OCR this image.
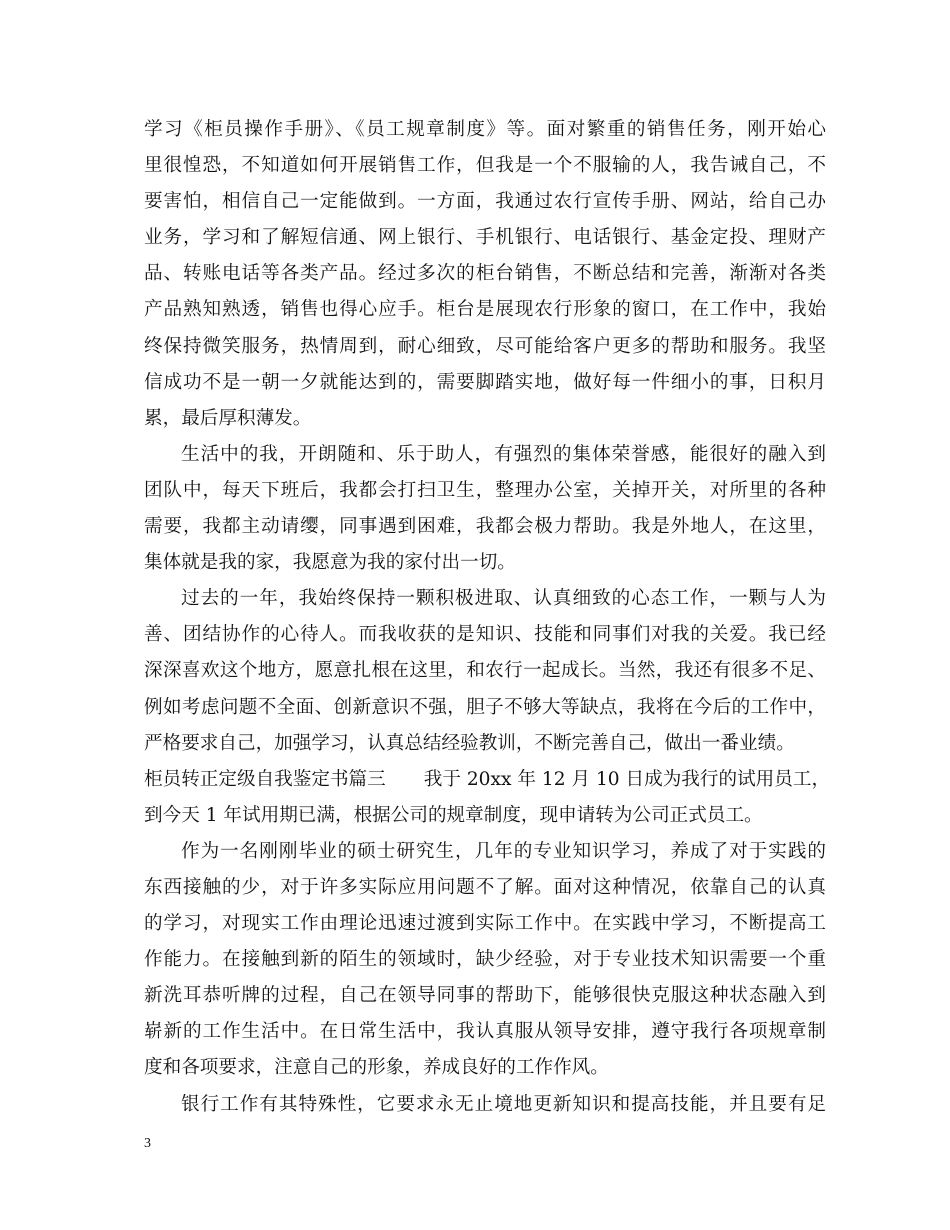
学习《柜员操作手册》、《员工规章制度》等。面对繁重的销售任务，刚开始心
里很惶恐，不知道如何开展销售工作，但我是一个不服输的人，我告诫自己，不
要害怕，相信自己一定能做到。一方面，我通过农行宣传手册、网站，给自己办
业务，学习和了解短信通、网上银行、手机银行、电话银行、基金定投、理财产
品、转账电话等各类产品。经过多次的柜台销售，不断总结和完善，渐渐对各类
产品熟知熟透，销售也得心应手。柜台是展现农行形象的窗口，在工作中，我始
终保持微笑服务，热情周到，耐心细致，尽可能给客户更多的帮助和服务。我坚
信成功不是一朝一夕就能达到的，需要脚踏实地，做好每一件细小的事，日积月
累，最后厚积薄发。
生活中的我，开朗随和、乐于助人，有强烈的集体荣誉感，能很好的融入到
团队中，每天下班后，我都会打扫卫生，整理办公室，关掉开关，对所里的各种
需要，我都主动请缨，同事遇到困难，我都会极力帮助。我是外地人，在这里，
集体就是我的家，我愿意为我的家付出一切。
过去的一年，我始终保持一颗积极进取、认真细致的心态工作，一颗与人为
善、团结协作的心待人。而我收获的是知识、技能和同事们对我的关爱。我已经
深深喜欢这个地方，愿意扎根在这里，和农行一起成长。当然，我还有很多不足、
例如考虑问题不全面、创新意识不强，胆子不够大等缺点，我将在今后的工作中，
严格要求自己，加强学习，认真总结经验教训，不断完善自己，做出一番业绩。
柜员转正定级自我鉴定书篇三 我于 20xx 年 12 月 10 日成为我行的试用员工，
到今天 1 年试用期已满，根据公司的规章制度，现申请转为公司正式员工。
作为一名刚刚毕业的硕士研究生，几年的专业知识学习，养成了对于实践的
东西接触的少，对于许多实际应用问题不了解。面对这种情况，依靠自己的认真
的学习，对现实工作由理论迅速过渡到实际工作中。在实践中学习，不断提高工
作能力。在接触到新的陌生的领域时，缺少经验，对于专业技术知识需要一个重
新洗耳恭听牌的过程，自己在领导同事的帮助下，能够很快克服这种状态融入到
崭新的工作生活中。在日常生活中，我认真服从领导安排，遵守我行各项规章制
度和各项要求，注意自己的形象，养成良好的工作作风。
银行工作有其特殊性，它要求永无止境地更新知识和提高技能，并且要有足
3
